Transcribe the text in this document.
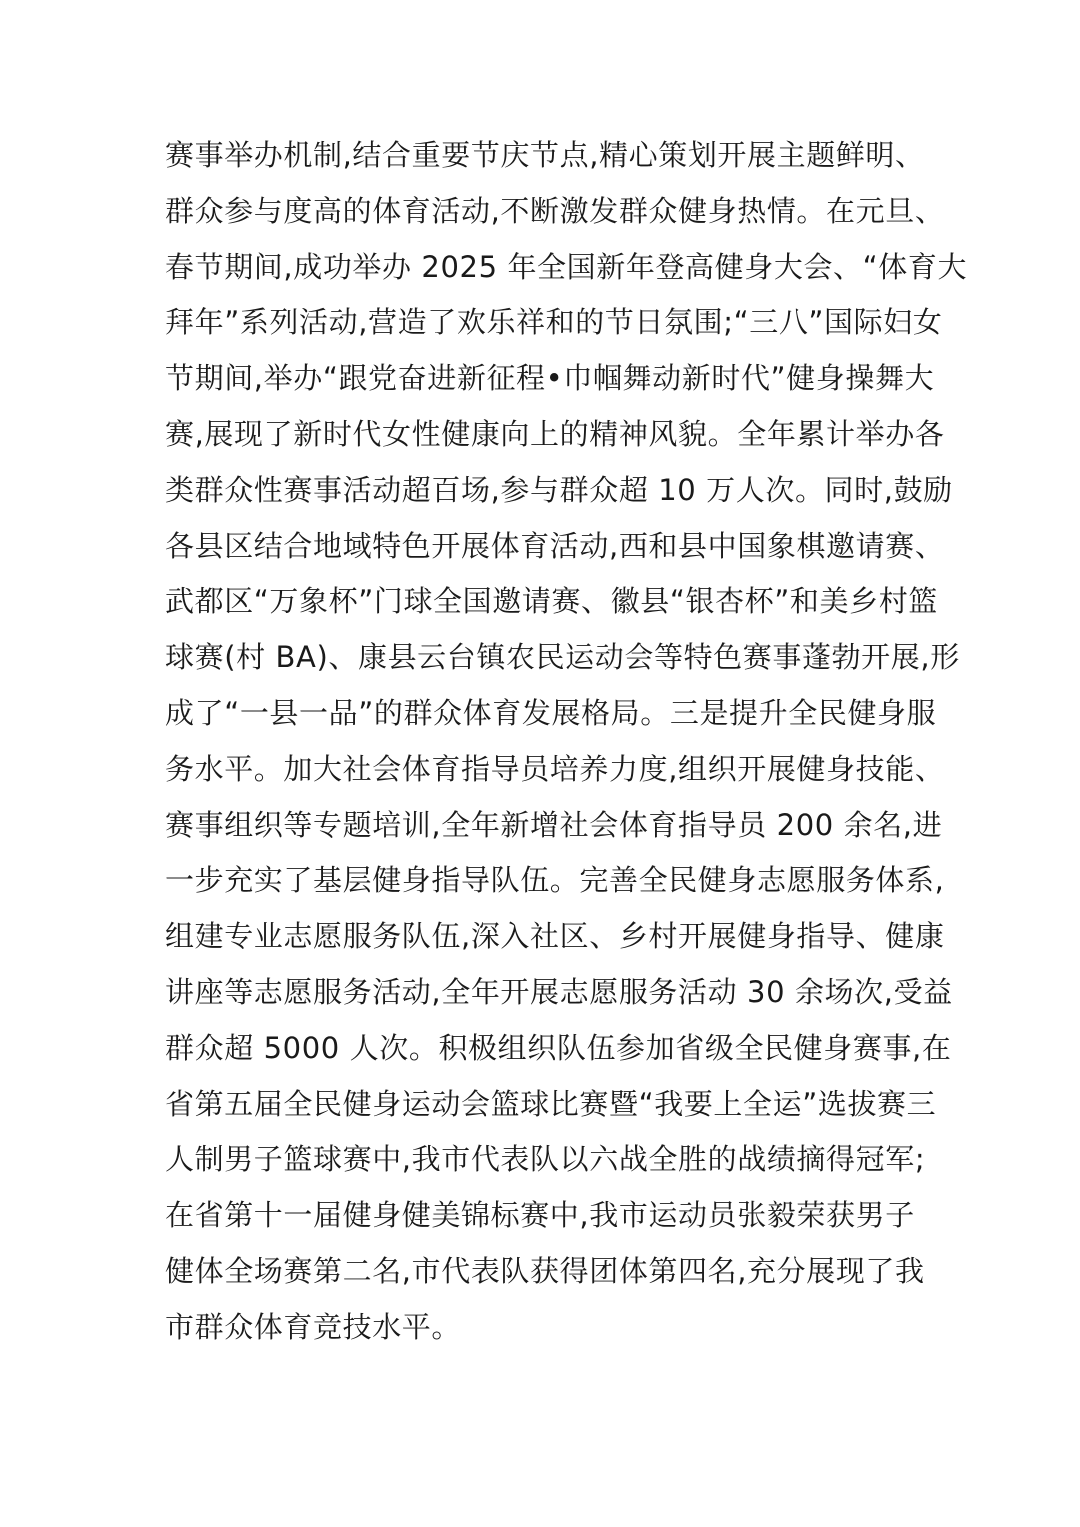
赛事举办机制,结合重要节庆节点,精心策划开展主题鲜明、
群众参与度高的体育活动,不断激发群众健身热情。在元旦、
春节期间,成功举办 2025 年全国新年登高健身大会、“体育大
拜年”系列活动,营造了欢乐祥和的节日氛围;“三八”国际妇女
节期间,举办“跟党奋进新征程•巾帼舞动新时代”健身操舞大
赛,展现了新时代女性健康向上的精神风貌。全年累计举办各
类群众性赛事活动超百场,参与群众超 10 万人次。同时,鼓励
各县区结合地域特色开展体育活动,西和县中国象棋邀请赛、
武都区“万象杯”门球全国邀请赛、徽县“银杏杯”和美乡村篮
球赛(村 BA)、康县云台镇农民运动会等特色赛事蓬勃开展,形
成了“一县一品”的群众体育发展格局。三是提升全民健身服
务水平。加大社会体育指导员培养力度,组织开展健身技能、
赛事组织等专题培训,全年新增社会体育指导员 200 余名,进
一步充实了基层健身指导队伍。完善全民健身志愿服务体系,
组建专业志愿服务队伍,深入社区、乡村开展健身指导、健康
讲座等志愿服务活动,全年开展志愿服务活动 30 余场次,受益
群众超 5000 人次。积极组织队伍参加省级全民健身赛事,在
省第五届全民健身运动会篮球比赛暨“我要上全运”选拔赛三
人制男子篮球赛中,我市代表队以六战全胜的战绩摘得冠军;
在省第十一届健身健美锦标赛中,我市运动员张毅荣获男子
健体全场赛第二名,市代表队获得团体第四名,充分展现了我
市群众体育竞技水平。
